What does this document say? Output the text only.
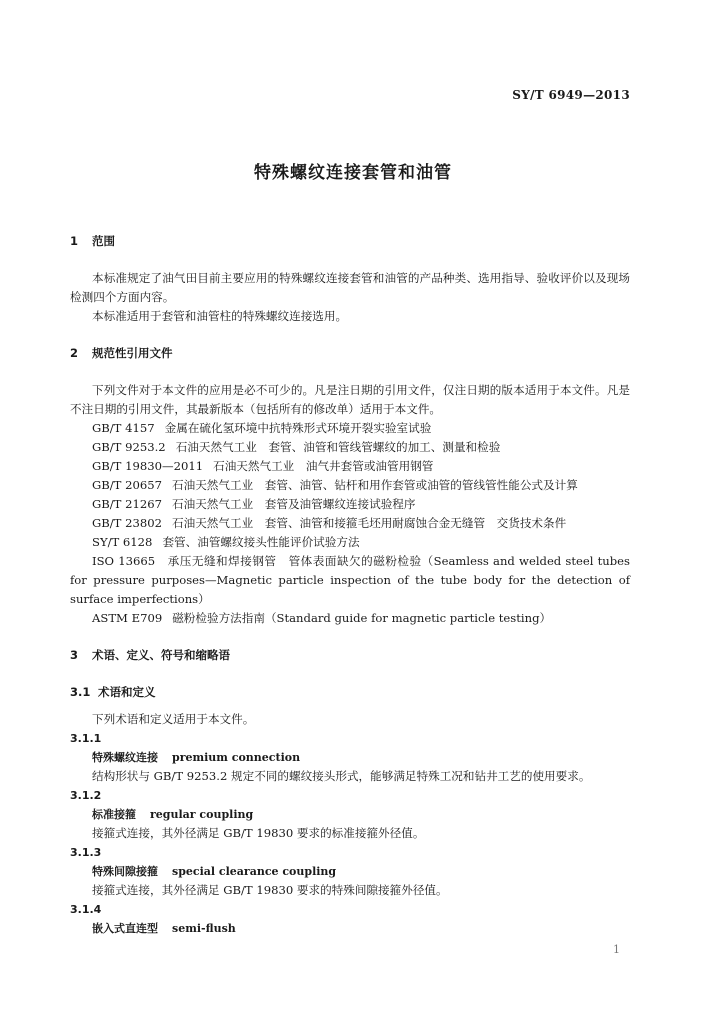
SY/T 6949—2013
特殊螺纹连接套管和油管
1 范围
本标准规定了油气田目前主要应用的特殊螺纹连接套管和油管的产品种类、选用指导、验收评价以及现场检测四个方面内容。
本标准适用于套管和油管柱的特殊螺纹连接选用。
2 规范性引用文件
下列文件对于本文件的应用是必不可少的。凡是注日期的引用文件，仅注日期的版本适用于本文件。凡是不注日期的引用文件，其最新版本（包括所有的修改单）适用于本文件。
GB/T 4157 金属在硫化氢环境中抗特殊形式环境开裂实验室试验
GB/T 9253.2 石油天然气工业　套管、油管和管线管螺纹的加工、测量和检验
GB/T 19830—2011 石油天然气工业　油气井套管或油管用钢管
GB/T 20657 石油天然气工业　套管、油管、钻杆和用作套管或油管的管线管性能公式及计算
GB/T 21267 石油天然气工业　套管及油管螺纹连接试验程序
GB/T 23802 石油天然气工业　套管、油管和接箍毛坯用耐腐蚀合金无缝管　交货技术条件
SY/T 6128 套管、油管螺纹接头性能评价试验方法
ISO 13665　承压无缝和焊接钢管　管体表面缺欠的磁粉检验（Seamless and welded steel tubes for pressure purposes—Magnetic particle inspection of the tube body for the detection of surface imperfections）
ASTM E709 磁粉检验方法指南（Standard guide for magnetic particle testing）
3 术语、定义、符号和缩略语
3.1 术语和定义
下列术语和定义适用于本文件。
3.1.1
特殊螺纹连接 premium connection
结构形状与 GB/T 9253.2 规定不同的螺纹接头形式，能够满足特殊工况和钻井工艺的使用要求。
3.1.2
标准接箍 regular coupling
接箍式连接，其外径满足 GB/T 19830 要求的标准接箍外径值。
3.1.3
特殊间隙接箍 special clearance coupling
接箍式连接，其外径满足 GB/T 19830 要求的特殊间隙接箍外径值。
3.1.4
嵌入式直连型 semi-flush
1
